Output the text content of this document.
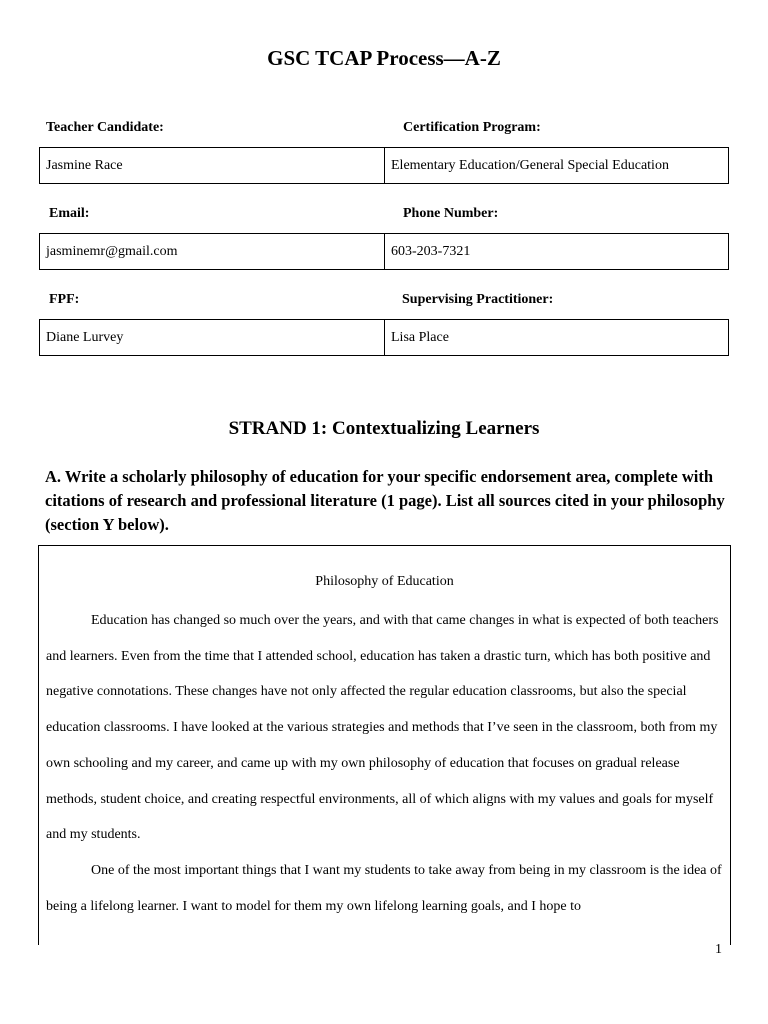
GSC TCAP Process—A-Z
Teacher Candidate:	Certification Program:
Jasmine Race	Elementary Education/General Special Education
Email:	Phone Number:
jasminemr@gmail.com	603-203-7321
FPF:	Supervising Practitioner:
Diane Lurvey	Lisa Place
STRAND 1: Contextualizing Learners
A. Write a scholarly philosophy of education for your specific endorsement area, complete with citations of research and professional literature (1 page). List all sources cited in your philosophy (section Y below).
Philosophy of Education

Education has changed so much over the years, and with that came changes in what is expected of both teachers and learners. Even from the time that I attended school, education has taken a drastic turn, which has both positive and negative connotations. These changes have not only affected the regular education classrooms, but also the special education classrooms. I have looked at the various strategies and methods that I’ve seen in the classroom, both from my own schooling and my career, and came up with my own philosophy of education that focuses on gradual release methods, student choice, and creating respectful environments, all of which aligns with my values and goals for myself and my students.

One of the most important things that I want my students to take away from being in my classroom is the idea of being a lifelong learner. I want to model for them my own lifelong learning goals, and I hope to

1
